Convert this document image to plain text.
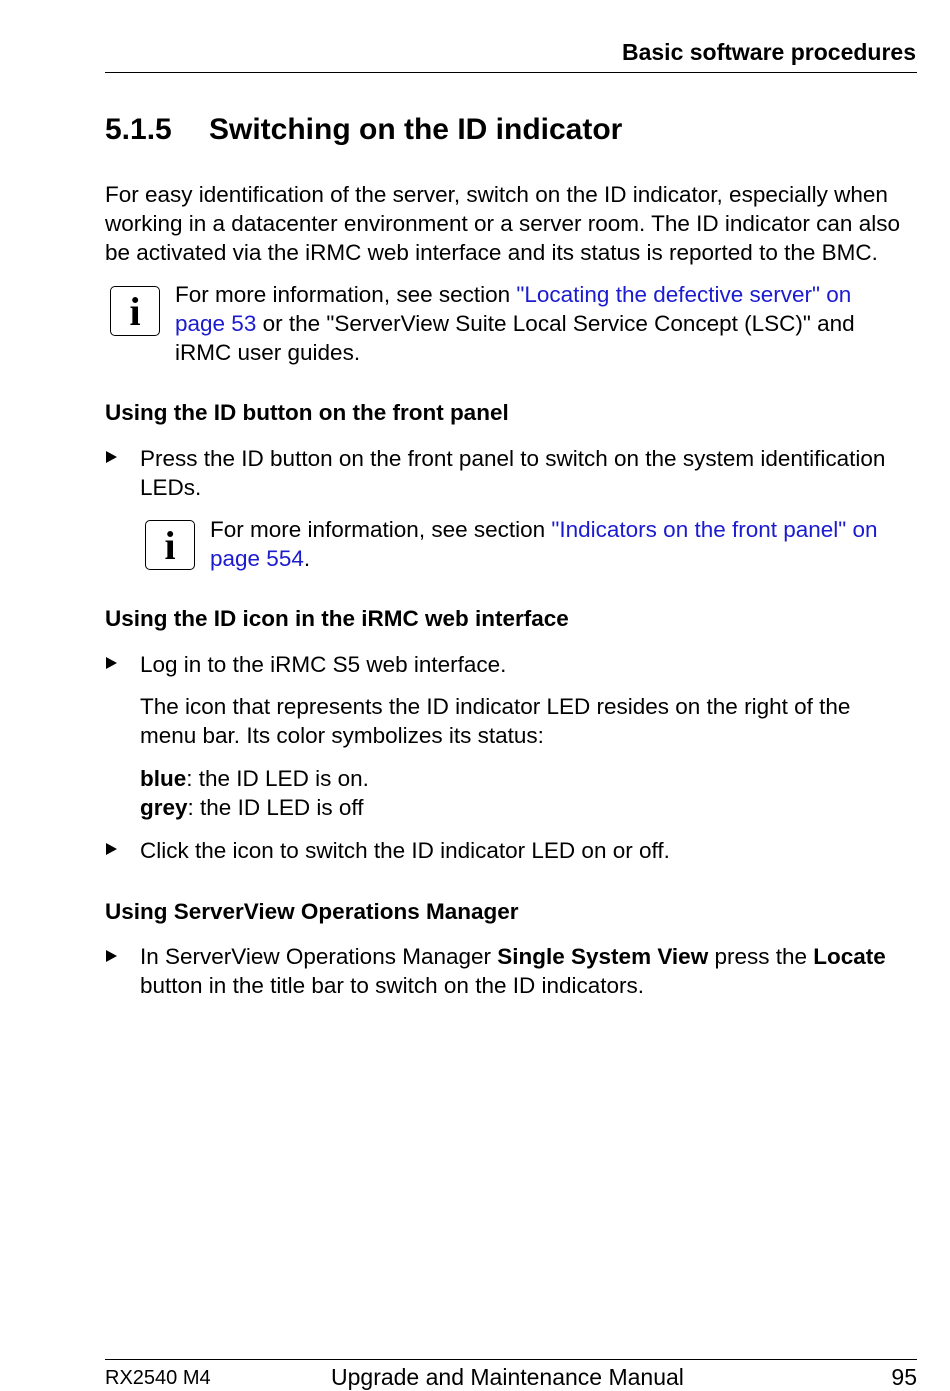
Basic software procedures
5.1.5 Switching on the ID indicator
For easy identification of the server, switch on the ID indicator, especially when
working in a datacenter environment or a server room. The ID indicator can also
be activated via the iRMC web interface and its status is reported to the BMC.
i	For more information, see section "Locating the defective server" on
page 53 or the "ServerView Suite Local Service Concept (LSC)" and
iRMC user guides.
Using the ID button on the front panel
Press the ID button on the front panel to switch on the system identification
LEDs.
i	For more information, see section "Indicators on the front panel" on
page 554.
Using the ID icon in the iRMC web interface
Log in to the iRMC S5 web interface.
The icon that represents the ID indicator LED resides on the right of the
menu bar. Its color symbolizes its status:
blue: the ID LED is on.
grey: the ID LED is off
Click the icon to switch the ID indicator LED on or off.
Using ServerView Operations Manager
In ServerView Operations Manager Single System View press the Locate
button in the title bar to switch on the ID indicators.
RX2540 M4	Upgrade and Maintenance Manual	95
